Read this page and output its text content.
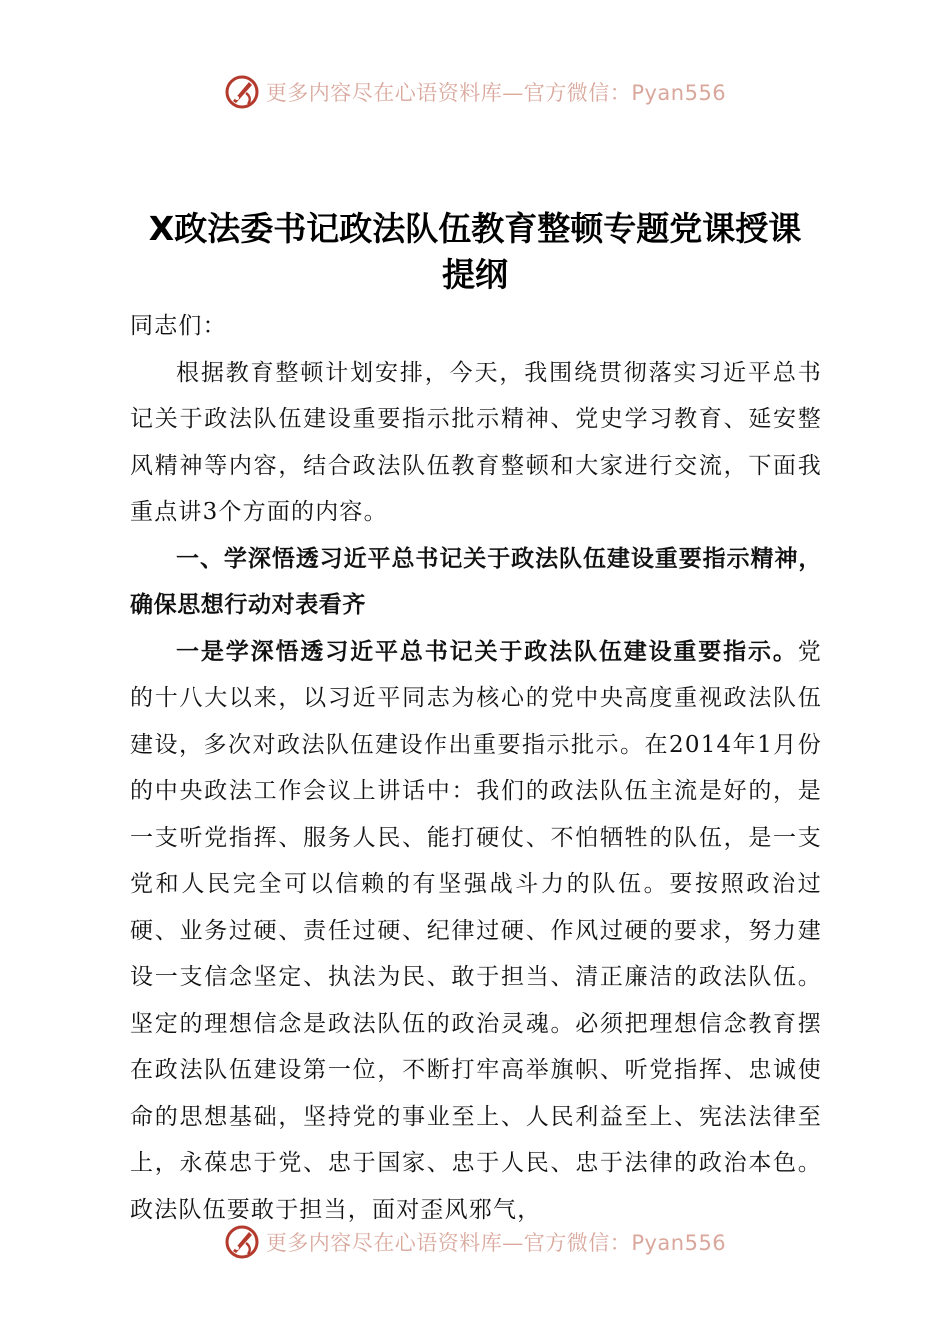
更多内容尽在心语资料库—官方微信：Pyan556
X政法委书记政法队伍教育整顿专题党课授课
提纲

同志们：

根据教育整顿计划安排，今天，我围绕贯彻落实习近平总书记关于政法队伍建设重要指示批示精神、党史学习教育、延安整风精神等内容，结合政法队伍教育整顿和大家进行交流，下面我重点讲3个方面的内容。

一、学深悟透习近平总书记关于政法队伍建设重要指示精神，确保思想行动对表看齐

一是学深悟透习近平总书记关于政法队伍建设重要指示。党的十八大以来，以习近平同志为核心的党中央高度重视政法队伍建设，多次对政法队伍建设作出重要指示批示。在2014年1月份的中央政法工作会议上讲话中：我们的政法队伍主流是好的，是一支听党指挥、服务人民、能打硬仗、不怕牺牲的队伍，是一支党和人民完全可以信赖的有坚强战斗力的队伍。要按照政治过硬、业务过硬、责任过硬、纪律过硬、作风过硬的要求，努力建设一支信念坚定、执法为民、敢于担当、清正廉洁的政法队伍。坚定的理想信念是政法队伍的政治灵魂。必须把理想信念教育摆在政法队伍建设第一位，不断打牢高举旗帜、听党指挥、忠诚使命的思想基础，坚持党的事业至上、人民利益至上、宪法法律至上，永葆忠于党、忠于国家、忠于人民、忠于法律的政治本色。政法队伍要敢于担当，面对歪风邪气，

更多内容尽在心语资料库—官方微信：Pyan556
